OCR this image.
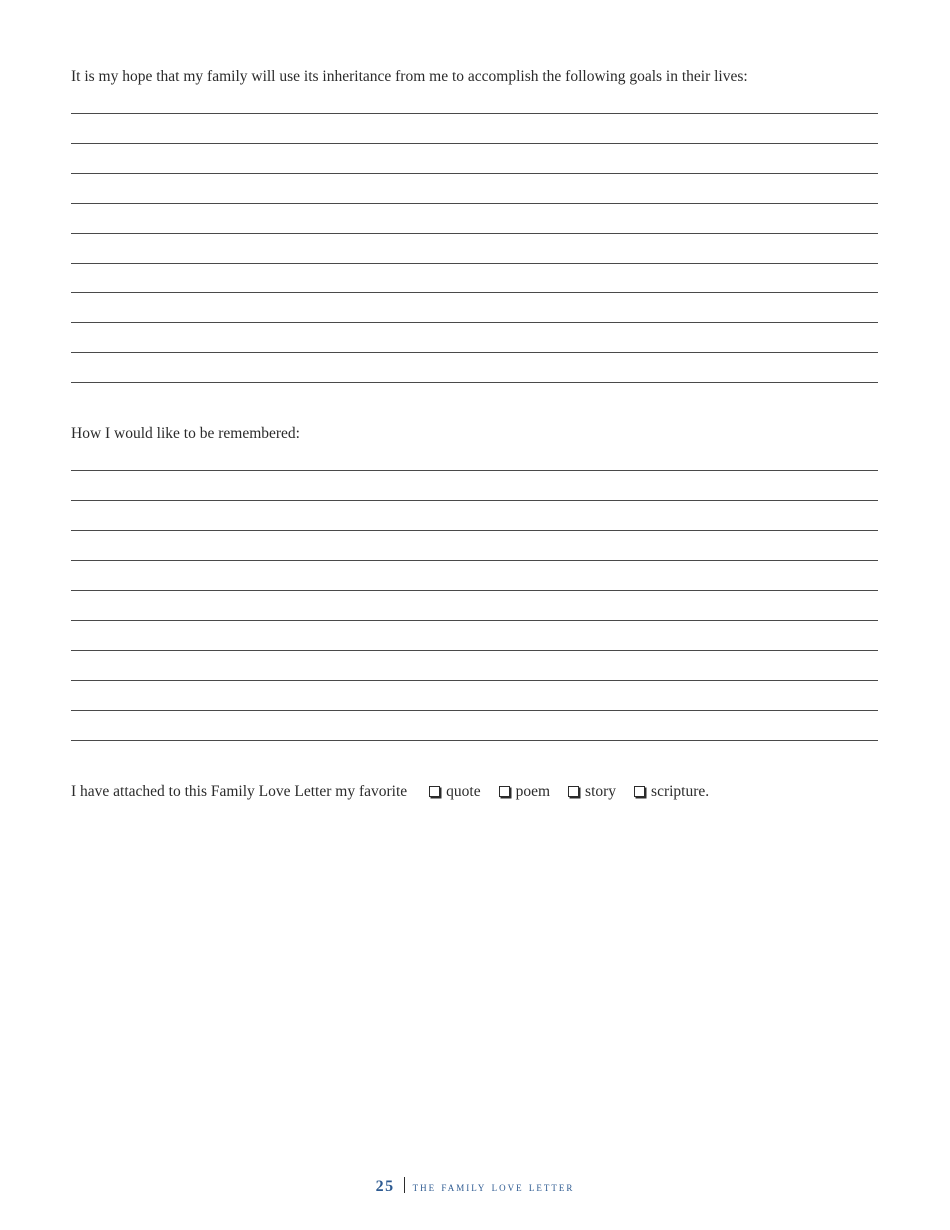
It is my hope that my family will use its inheritance from me to accomplish the following goals in their lives:
How I would like to be remembered:
I have attached to this Family Love Letter my favorite	quote poem story scripture.
25 the family love letter
